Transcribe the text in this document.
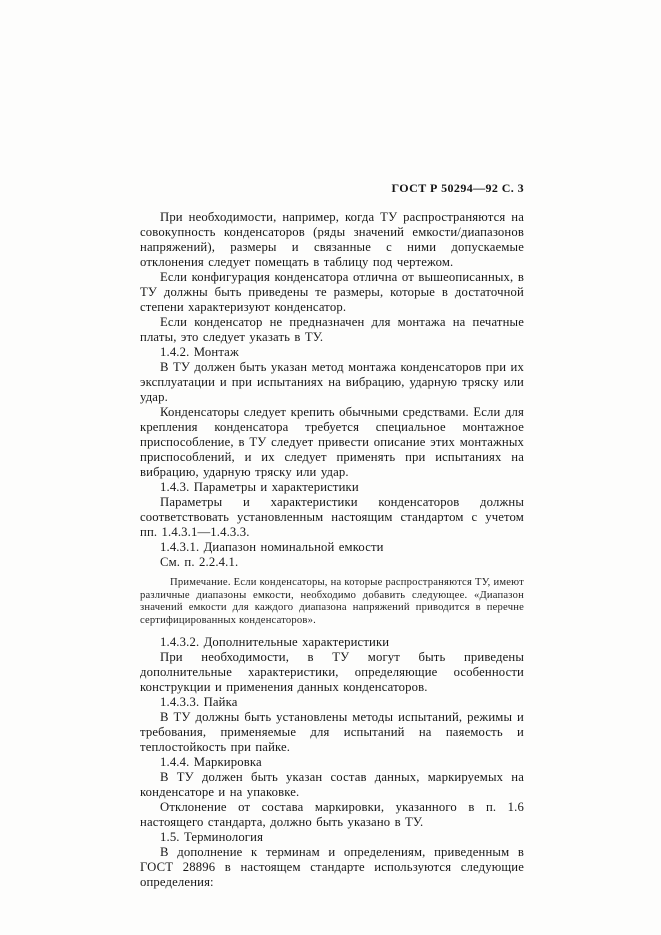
ГОСТ Р 50294—92 С. 3

При необходимости, например, когда ТУ распространяются на совокупность конденсаторов (ряды значений емкости/диапазонов напряжений), размеры и связанные с ними допускаемые отклонения следует помещать в таблицу под чертежом.

Если конфигурация конденсатора отлична от вышеописанных, в ТУ должны быть приведены те размеры, которые в достаточной степени характеризуют конденсатор.

Если конденсатор не предназначен для монтажа на печатные платы, это следует указать в ТУ.

1.4.2. Монтаж

В ТУ должен быть указан метод монтажа конденсаторов при их эксплуатации и при испытаниях на вибрацию, ударную тряску или удар.

Конденсаторы следует крепить обычными средствами. Если для крепления конденсатора требуется специальное монтажное приспособление, в ТУ следует привести описание этих монтажных приспособлений, и их следует применять при испытаниях на вибрацию, ударную тряску или удар.

1.4.3. Параметры и характеристики

Параметры и характеристики конденсаторов должны соответствовать установленным настоящим стандартом с учетом пп. 1.4.3.1—1.4.3.3.

1.4.3.1. Диапазон номинальной емкости

См. п. 2.2.4.1.

Примечание. Если конденсаторы, на которые распространяются ТУ, имеют различные диапазоны емкости, необходимо добавить следующее. «Диапазон значений емкости для каждого диапазона напряжений приводится в перечне сертифицированных конденсаторов».

1.4.3.2. Дополнительные характеристики

При необходимости, в ТУ могут быть приведены дополнительные характеристики, определяющие особенности конструкции и применения данных конденсаторов.

1.4.3.3. Пайка

В ТУ должны быть установлены методы испытаний, режимы и требования, применяемые для испытаний на паяемость и теплостойкость при пайке.

1.4.4. Маркировка

В ТУ должен быть указан состав данных, маркируемых на конденсаторе и на упаковке.

Отклонение от состава маркировки, указанного в п. 1.6 настоящего стандарта, должно быть указано в ТУ.

1.5. Терминология

В дополнение к терминам и определениям, приведенным в ГОСТ 28896 в настоящем стандарте используются следующие определения:
